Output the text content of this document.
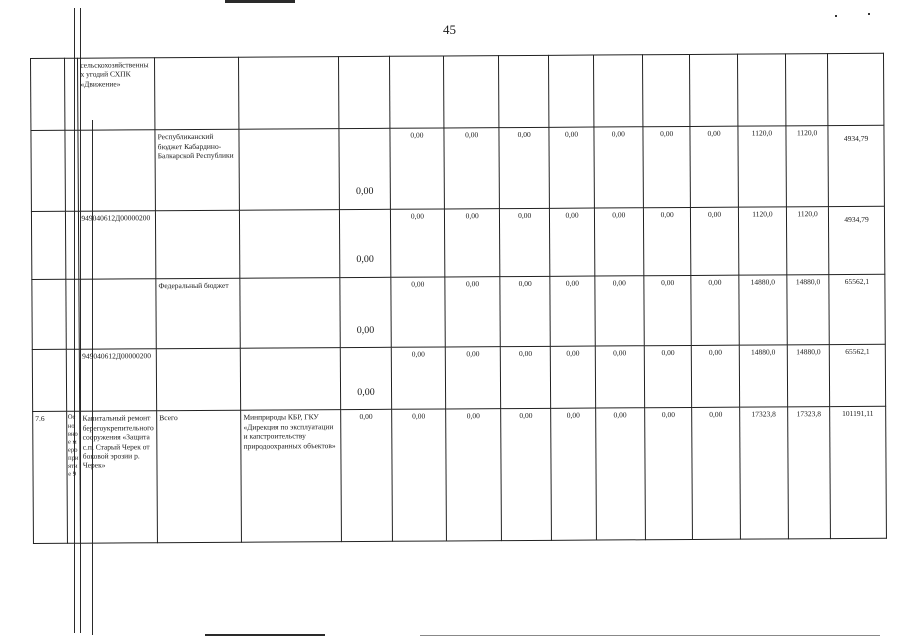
45
		сельскохозяйственных угодий СХПК «Движение»													
			Республиканский бюджет Кабардино-Балкарской Республики		0,00	0,00	0,00	0,00	0,00	0,00	0,00	0,00	1120,0	1120,0	4934,79
		949040612Д00000200			0,00	0,00	0,00	0,00	0,00	0,00	0,00	0,00	1120,0	1120,0	4934,79
			Федеральный бюджет		0,00	0,00	0,00	0,00	0,00	0,00	0,00	0,00	14880,0	14880,0	65562,1
		949040612Д00000200			0,00	0,00	0,00	0,00	0,00	0,00	0,00	0,00	14880,0	14880,0	65562,1
7.6	Осно вное мероприятие 9	Капитальный ремонт берегоукрепительного сооружения «Защита с.п. Старый Черек от боковой эрозии р. Черек»	Всего	Минприроды КБР, ГКУ «Дирекция по эксплуатации и капстроительству природоохранных объектов»	0,00	0,00	0,00	0,00	0,00	0,00	0,00	0,00	17323,8	17323,8	101191,11
